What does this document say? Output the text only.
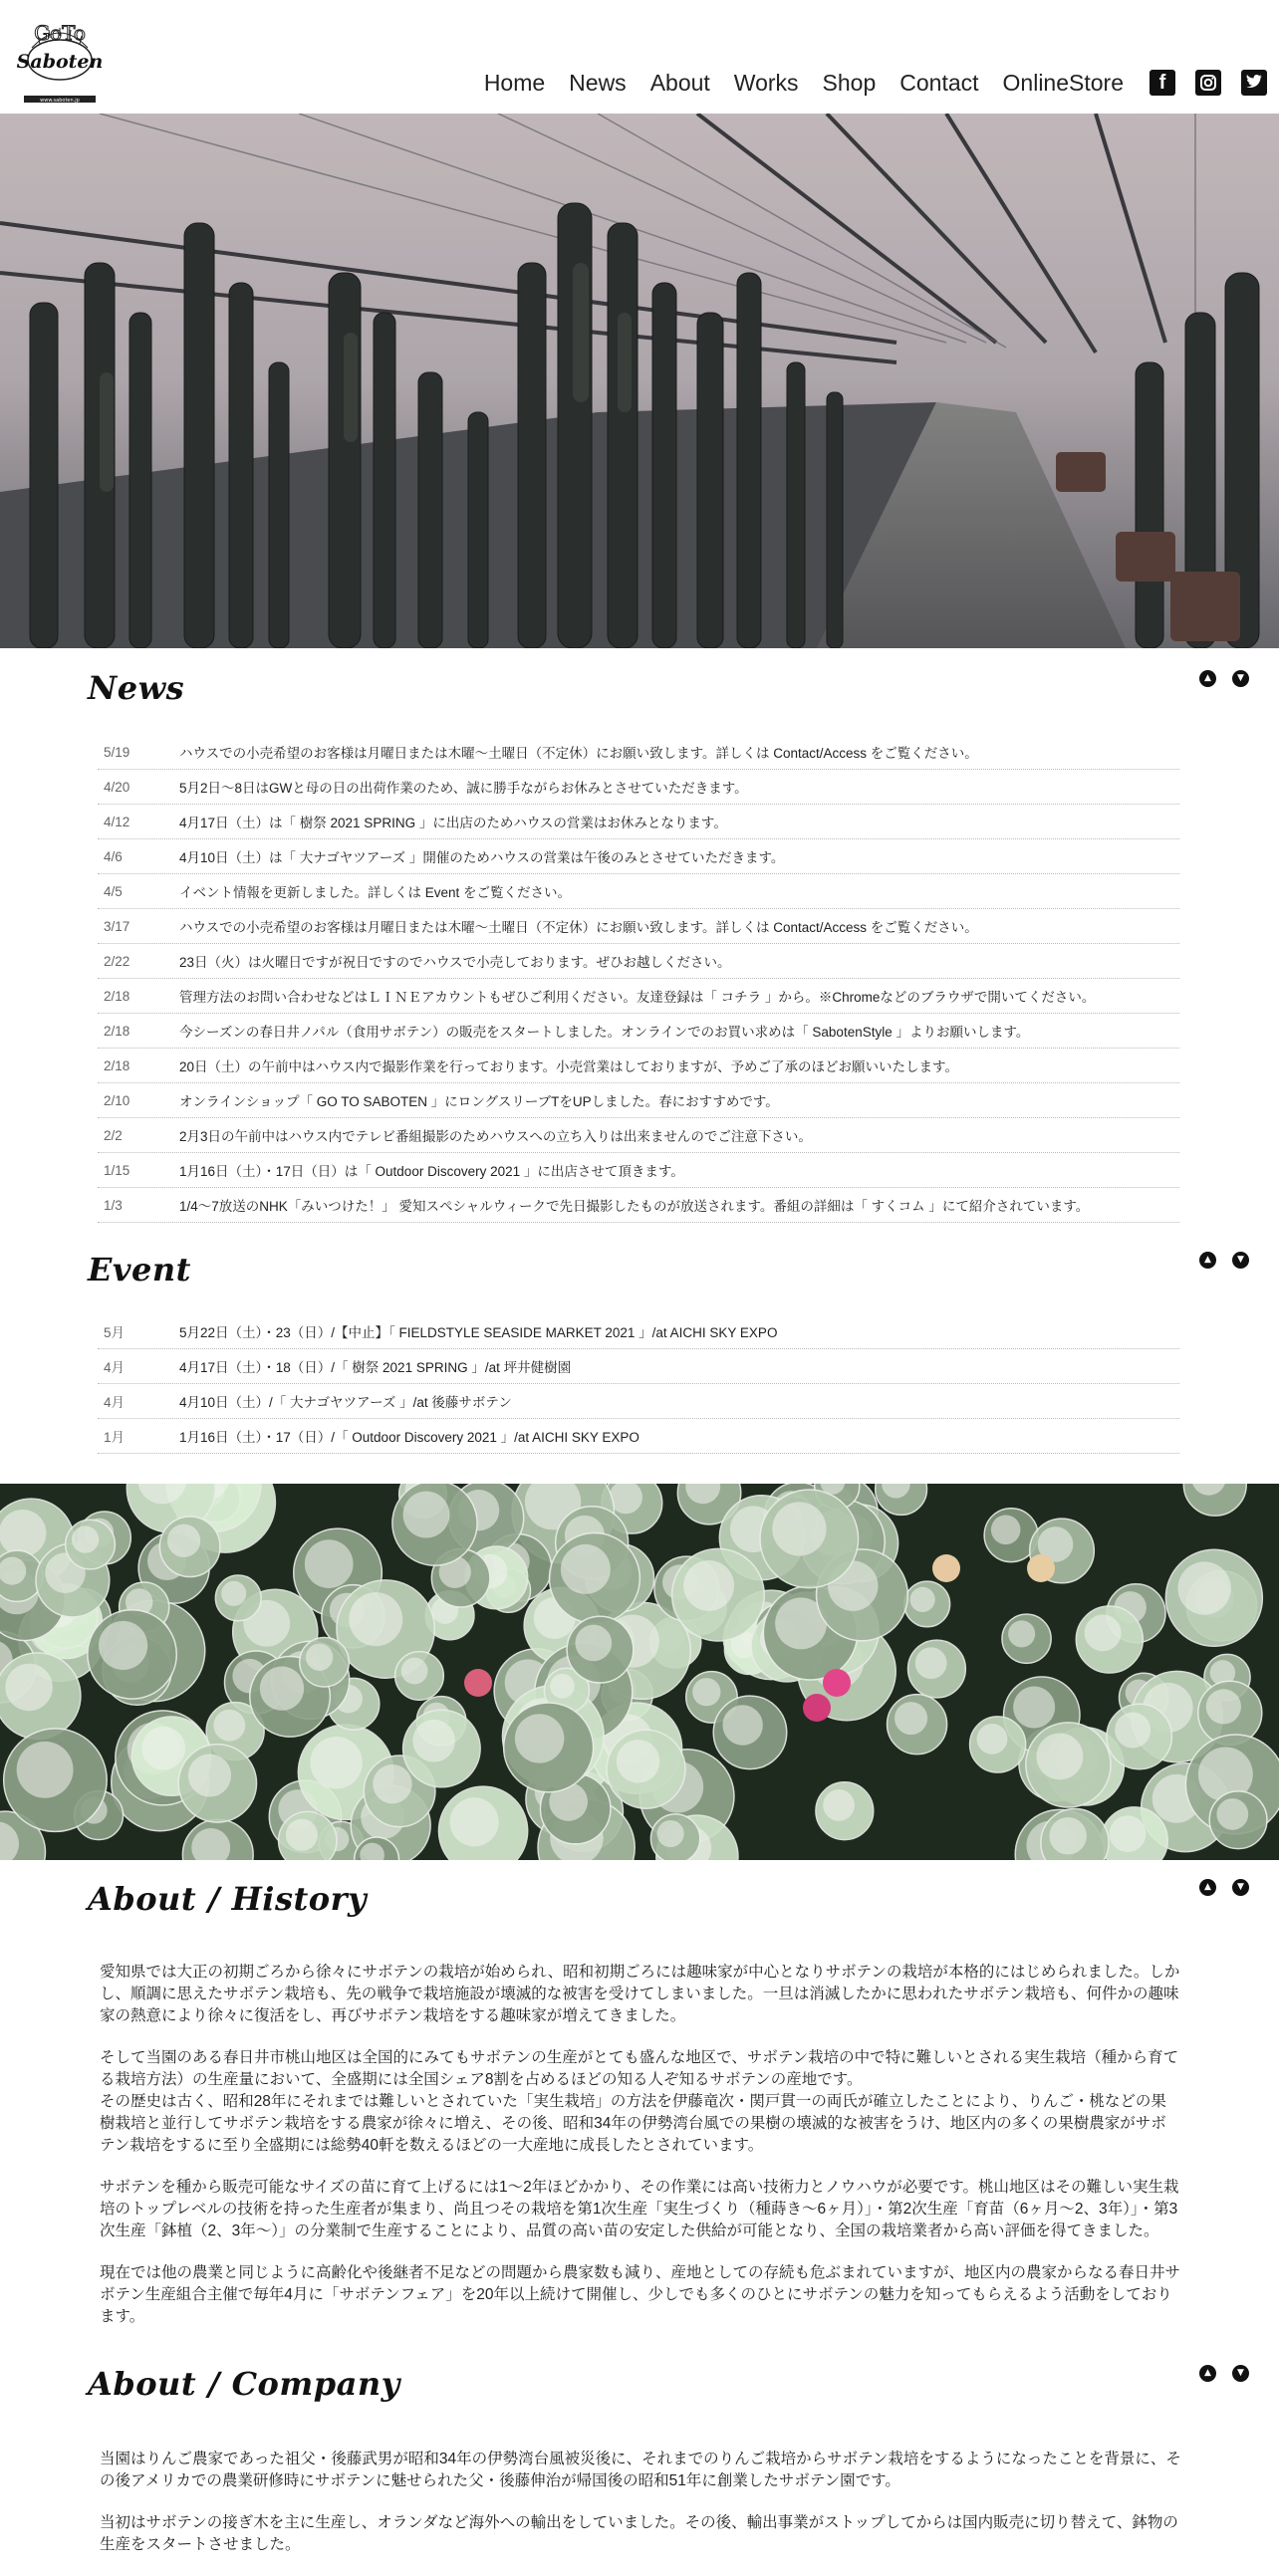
GoTo
Saboten
www.saboten.jp
Home News About Works Shop Contact OnlineStore	f
News	▲	▼
5/19	ハウスでの小売希望のお客様は月曜日または木曜～土曜日（不定休）にお願い致します。詳しくは Contact/Access をご覧ください。
4/20	5月2日～8日はGWと母の日の出荷作業のため、誠に勝手ながらお休みとさせていただきます。
4/12	4月17日（土）は「 樹祭 2021 SPRING 」に出店のためハウスの営業はお休みとなります。
4/6	4月10日（土）は「 大ナゴヤツアーズ 」開催のためハウスの営業は午後のみとさせていただきます。
4/5	イベント情報を更新しました。詳しくは Event をご覧ください。
3/17	ハウスでの小売希望のお客様は月曜日または木曜～土曜日（不定休）にお願い致します。詳しくは Contact/Access をご覧ください。
2/22	23日（火）は火曜日ですが祝日ですのでハウスで小売しております。ぜひお越しください。
2/18	管理方法のお問い合わせなどはＬＩＮＥアカウントもぜひご利用ください。友達登録は「 コチラ 」から。※Chromeなどのブラウザで開いてください。
2/18	今シーズンの春日井ノパル（食用サボテン）の販売をスタートしました。オンラインでのお買い求めは「 SabotenStyle 」よりお願いします。
2/18	20日（土）の午前中はハウス内で撮影作業を行っております。小売営業はしておりますが、予めご了承のほどお願いいたします。
2/10	オンラインショップ「 GO TO SABOTEN 」にロングスリーブTをUPしました。春におすすめです。
2/2	2月3日の午前中はハウス内でテレビ番組撮影のためハウスへの立ち入りは出来ませんのでご注意下さい。
1/15	1月16日（土）・17日（日）は「 Outdoor Discovery 2021 」に出店させて頂きます。
1/3	1/4～7放送のNHK「みいつけた！」 愛知スペシャルウィークで先日撮影したものが放送されます。番組の詳細は「 すくコム 」にて紹介されています。
Event	▲	▼
5月	5月22日（土）・23（日）/【中止】「 FIELDSTYLE SEASIDE MARKET 2021 」/at AICHI SKY EXPO
4月	4月17日（土）・18（日）/「 樹祭 2021 SPRING 」/at 坪井健樹園
4月	4月10日（土）/「 大ナゴヤツアーズ 」/at 後藤サボテン
1月	1月16日（土）・17（日）/「 Outdoor Discovery 2021 」/at AICHI SKY EXPO
About / History	▲	▼

愛知県では大正の初期ごろから徐々にサボテンの栽培が始められ、昭和初期ごろには趣味家が中心となりサボテンの栽培が本格的にはじめられました。しかし、順調に思えたサボテン栽培も、先の戦争で栽培施設が壊滅的な被害を受けてしまいました。一旦は消滅したかに思われたサボテン栽培も、何件かの趣味家の熱意により徐々に復活をし、再びサボテン栽培をする趣味家が増えてきました。

そして当園のある春日井市桃山地区は全国的にみてもサボテンの生産がとても盛んな地区で、サボテン栽培の中で特に難しいとされる実生栽培（種から育てる栽培方法）の生産量において、全盛期には全国シェア8割を占めるほどの知る人ぞ知るサボテンの産地です。

その歴史は古く、昭和28年にそれまでは難しいとされていた「実生栽培」の方法を伊藤竜次・関戸貫一の両氏が確立したことにより、りんご・桃などの果樹栽培と並行してサボテン栽培をする農家が徐々に増え、その後、昭和34年の伊勢湾台風での果樹の壊滅的な被害をうけ、地区内の多くの果樹農家がサボテン栽培をするに至り全盛期には総勢40軒を数えるほどの一大産地に成長したとされています。

サボテンを種から販売可能なサイズの苗に育て上げるには1～2年ほどかかり、その作業には高い技術力とノウハウが必要です。桃山地区はその難しい実生栽培のトップレベルの技術を持った生産者が集まり、尚且つその栽培を第1次生産「実生づくり（種蒔き～6ヶ月）」・第2次生産「育苗（6ヶ月～2、3年）」・第3次生産「鉢植（2、3年～）」の分業制で生産することにより、品質の高い苗の安定した供給が可能となり、全国の栽培業者から高い評価を得てきました。

現在では他の農業と同じように高齢化や後継者不足などの問題から農家数も減り、産地としての存続も危ぶまれていますが、地区内の農家からなる春日井サボテン生産組合主催で毎年4月に「サボテンフェア」を20年以上続けて開催し、少しでも多くのひとにサボテンの魅力を知ってもらえるよう活動をしております。

About / Company	▲	▼

当園はりんご農家であった祖父・後藤武男が昭和34年の伊勢湾台風被災後に、それまでのりんご栽培からサボテン栽培をするようになったことを背景に、その後アメリカでの農業研修時にサボテンに魅せられた父・後藤伸治が帰国後の昭和51年に創業したサボテン園です。

当初はサボテンの接ぎ木を主に生産し、オランダなど海外への輸出をしていました。その後、輸出事業がストップしてからは国内販売に切り替えて、鉢物の生産をスタートさせました。
